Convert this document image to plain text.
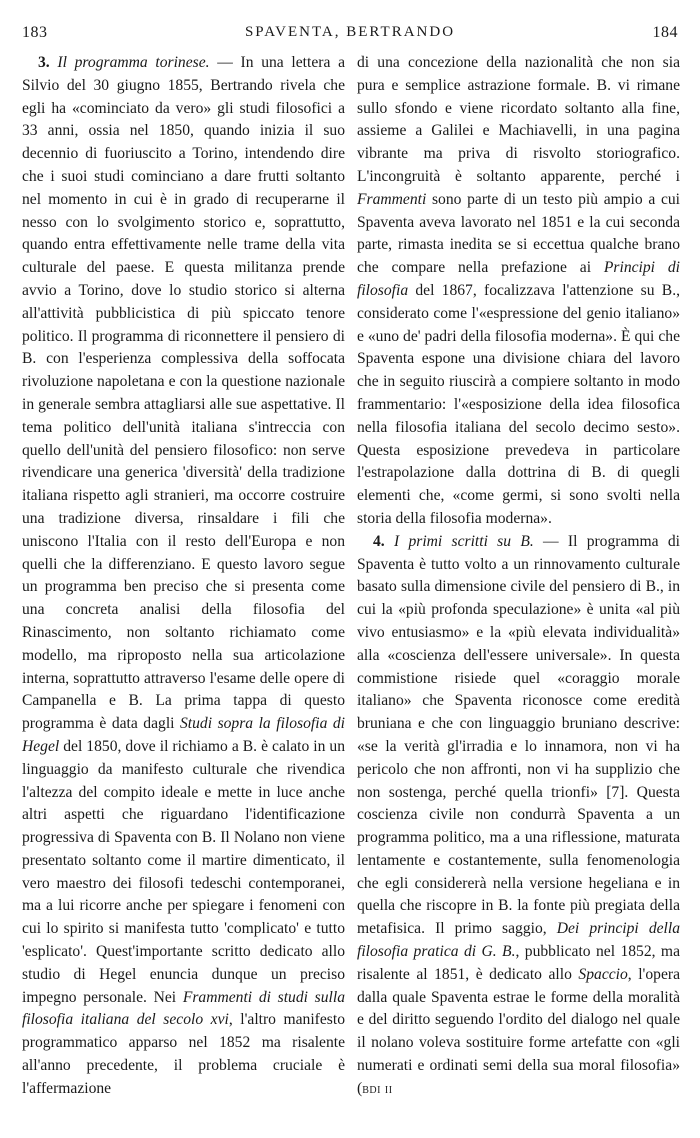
183	SPAVENTA, BERTRANDO	184

3. Il programma torinese. — In una lettera a Silvio del 30 giugno 1855, Bertrando rivela che egli ha «cominciato da vero» gli studi filosofici a 33 anni, ossia nel 1850, quando inizia il suo decennio di fuoriuscito a Torino, intendendo dire che i suoi studi cominciano a dare frutti soltanto nel momento in cui è in grado di recuperarne il nesso con lo svolgimento storico e, soprattutto, quando entra effettivamente nelle trame della vita culturale del paese. E questa militanza prende avvio a Torino, dove lo studio storico si alterna all'attività pubblicistica di più spiccato tenore politico. Il programma di riconnettere il pensiero di B. con l'esperienza complessiva della soffocata rivoluzione napoletana e con la questione nazionale in generale sembra attagliarsi alle sue aspettative. Il tema politico dell'unità italiana s'intreccia con quello dell'unità del pensiero filosofico: non serve rivendicare una generica 'diversità' della tradizione italiana rispetto agli stranieri, ma occorre costruire una tradizione diversa, rinsaldare i fili che uniscono l'Italia con il resto dell'Europa e non quelli che la differenziano. E questo lavoro segue un programma ben preciso che si presenta come una concreta analisi della filosofia del Rinascimento, non soltanto richiamato come modello, ma riproposto nella sua articolazione interna, soprattutto attraverso l'esame delle opere di Campanella e B. La prima tappa di questo programma è data dagli Studi sopra la filosofia di Hegel del 1850, dove il richiamo a B. è calato in un linguaggio da manifesto culturale che rivendica l'altezza del compito ideale e mette in luce anche altri aspetti che riguardano l'identificazione progressiva di Spaventa con B. Il Nolano non viene presentato soltanto come il martire dimenticato, il vero maestro dei filosofi tedeschi contemporanei, ma a lui ricorre anche per spiegare i fenomeni con cui lo spirito si manifesta tutto 'complicato' e tutto 'esplicato'. Quest'importante scritto dedicato allo studio di Hegel enuncia dunque un preciso impegno personale. Nei Frammenti di studi sulla filosofia italiana del secolo xvi, l'altro manifesto programmatico apparso nel 1852 ma risalente all'anno precedente, il problema cruciale è l'affermazione

di una concezione della nazionalità che non sia pura e semplice astrazione formale. B. vi rimane sullo sfondo e viene ricordato soltanto alla fine, assieme a Galilei e Machiavelli, in una pagina vibrante ma priva di risvolto storiografico. L'incongruità è soltanto apparente, perché i Frammenti sono parte di un testo più ampio a cui Spaventa aveva lavorato nel 1851 e la cui seconda parte, rimasta inedita se si eccettua qualche brano che compare nella prefazione ai Principi di filosofia del 1867, focalizzava l'attenzione su B., considerato come l'«espressione del genio italiano» e «uno de' padri della filosofia moderna». È qui che Spaventa espone una divisione chiara del lavoro che in seguito riuscirà a compiere soltanto in modo frammentario: l'«esposizione della idea filosofica nella filosofia italiana del secolo decimo sesto». Questa esposizione prevedeva in particolare l'estrapolazione dalla dottrina di B. di quegli elementi che, «come germi, si sono svolti nella storia della filosofia moderna».

4. I primi scritti su B. — Il programma di Spaventa è tutto volto a un rinnovamento culturale basato sulla dimensione civile del pensiero di B., in cui la «più profonda speculazione» è unita «al più vivo entusiasmo» e la «più elevata individualità» alla «coscienza dell'essere universale». In questa commistione risiede quel «coraggio morale italiano» che Spaventa riconosce come eredità bruniana e che con linguaggio bruniano descrive: «se la verità gl'irradia e lo innamora, non vi ha pericolo che non affronti, non vi ha supplizio che non sostenga, perché quella trionfi» [7]. Questa coscienza civile non condurrà Spaventa a un programma politico, ma a una riflessione, maturata lentamente e costantemente, sulla fenomenologia che egli considererà nella versione hegeliana e in quella che riscopre in B. la fonte più pregiata della metafisica. Il primo saggio, Dei principi della filosofia pratica di G. B., pubblicato nel 1852, ma risalente al 1851, è dedicato allo Spaccio, l'opera dalla quale Spaventa estrae le forme della moralità e del diritto seguendo l'ordito del dialogo nel quale il nolano voleva sostituire forme artefatte con «gli numerati e ordinati semi della sua moral filosofia» (bdi ii
